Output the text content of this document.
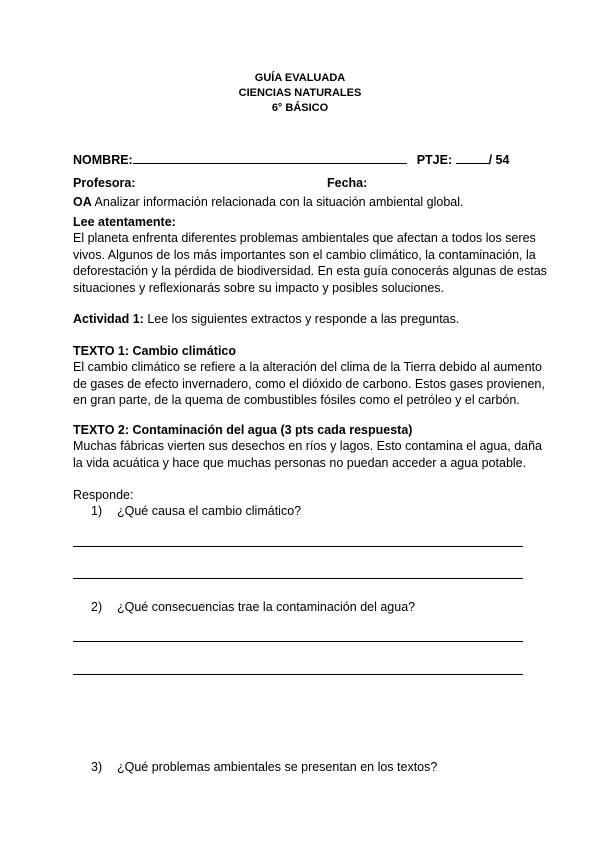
GUÍA EVALUADA
CIENCIAS NATURALES
6° BÁSICO
NOMBRE:	PTJE:	/ 54
Profesora:	Fecha:
OA Analizar información relacionada con la situación ambiental global.
Lee atentamente:
El planeta enfrenta diferentes problemas ambientales que afectan a todos los seres
vivos. Algunos de los más importantes son el cambio climático, la contaminación, la
deforestación y la pérdida de biodiversidad. En esta guía conocerás algunas de estas
situaciones y reflexionarás sobre su impacto y posibles soluciones.
Actividad 1: Lee los siguientes extractos y responde a las preguntas.
TEXTO 1: Cambio climático
El cambio climático se refiere a la alteración del clima de la Tierra debido al aumento
de gases de efecto invernadero, como el dióxido de carbono. Estos gases provienen,
en gran parte, de la quema de combustibles fósiles como el petróleo y el carbón.
TEXTO 2: Contaminación del agua (3 pts cada respuesta)
Muchas fábricas vierten sus desechos en ríos y lagos. Esto contamina el agua, daña
la vida acuática y hace que muchas personas no puedan acceder a agua potable.
Responde:
1) ¿Qué causa el cambio climático?
2) ¿Qué consecuencias trae la contaminación del agua?
3) ¿Qué problemas ambientales se presentan en los textos?
